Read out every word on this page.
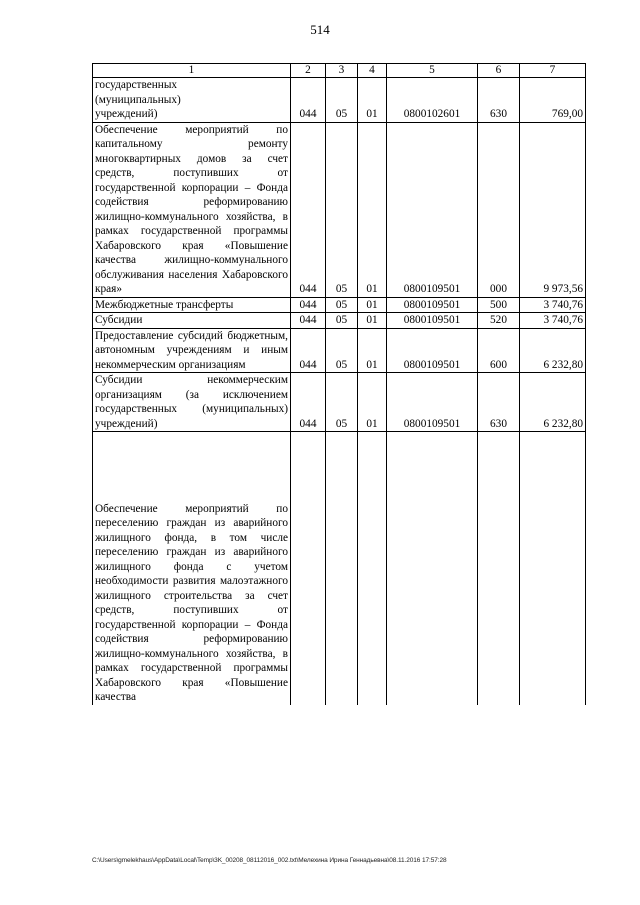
514
1	2	3	4	5	6	7
государственных
(муниципальных)
учреждений)	044	05	01	0800102601	630	769,00
Обеспечение мероприятий по капитальному ремонту многоквартирных домов за счет средств, поступивших от государственной корпорации – Фонда содействия реформированию жилищно-коммунального хозяйства, в рамках государственной программы Хабаровского края «Повышение качества жилищно-коммунального обслуживания населения Хабаровского края»	044	05	01	0800109501	000	9 973,56
Межбюджетные трансферты	044	05	01	0800109501	500	3 740,76
Субсидии	044	05	01	0800109501	520	3 740,76
Предоставление субсидий бюджетным, автономным учреждениям и иным некоммерческим организациям	044	05	01	0800109501	600	6 232,80
Субсидии некоммерческим организациям (за исключением государственных (муниципальных) учреждений)	044	05	01	0800109501	630	6 232,80
Обеспечение мероприятий по переселению граждан из аварийного жилищного фонда, в том числе переселению граждан из аварийного жилищного фонда с учетом необходимости развития малоэтажного жилищного строительства за счет средств, поступивших от государственной корпорации – Фонда содействия реформированию жилищно-коммунального хозяйства, в рамках государственной программы Хабаровского края «Повышение качества						
C:\Users\gmelekhaus\AppData\Local\Temp\3K_00208_08112016_002.txt\Мелехина Ирина Геннадьевна\08.11.2016 17:57:28
